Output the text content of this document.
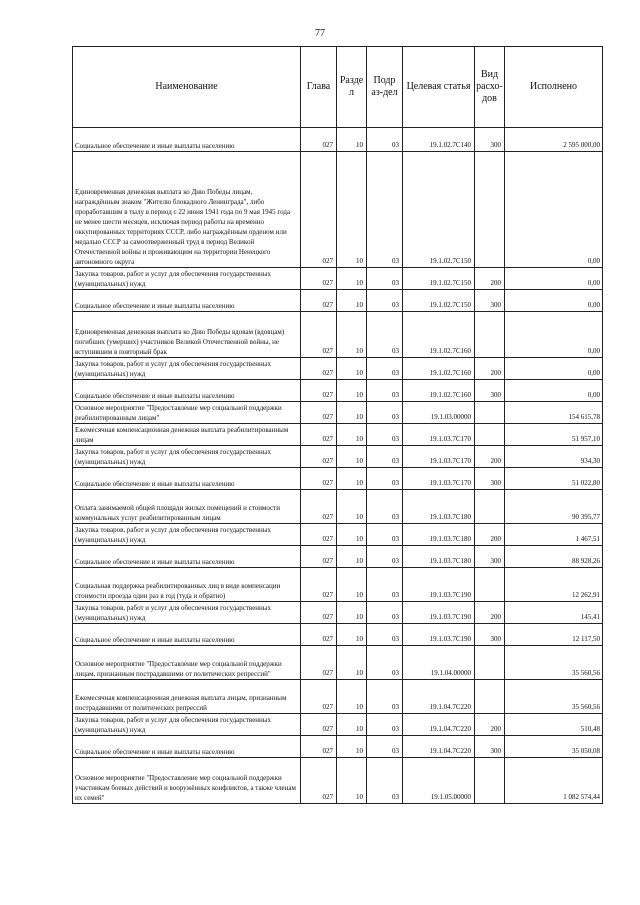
77
Наименование	Глава	Разде л	Подр аз-дел	Целевая статья	Вид расхо- дов	Исполнено
Социальное обеспечение и иные выплаты населению	027	10	03	19.1.02.7С140	300	2 595 000,00
Единовременная денежная выплата ко Дню Победы лицам, награждённым знаком "Жителю блокадного Ленинграда", либо проработавшим в тылу в период с 22 июня 1941 года по 9 мая 1945 года не менее шести месяцев, исключая период работы на временно оккупированных территориях СССР, либо награждённым орденом или медалью СССР за самоотверженный труд в период Великой Отечественной войны и проживающим на территории Ненецкого автономного округа	027	10	03	19.1.02.7С150		0,00
Закупка товаров, работ и услуг для обеспечения государственных (муниципальных) нужд	027	10	03	19.1.02.7С150	200	0,00
Социальное обеспечение и иные выплаты населению	027	10	03	19.1.02.7С150	300	0,00
Единовременная денежная выплата ко Дню Победы вдовам (вдовцам) погибших (умерших) участников Великой Отечественной войны, не вступившим в повторный брак	027	10	03	19.1.02.7С160		0,00
Закупка товаров, работ и услуг для обеспечения государственных (муниципальных) нужд	027	10	03	19.1.02.7С160	200	0,00
Социальное обеспечение и иные выплаты населению	027	10	03	19.1.02.7С160	300	0,00
Основное мероприятие "Предоставление мер социальной поддержки реабилитированным лицам"	027	10	03	19.1.03.00000		154 615,78
Ежемесячная компенсационная денежная выплата реабилитированным лицам	027	10	03	19.1.03.7С170		51 957,10
Закупка товаров, работ и услуг для обеспечения государственных (муниципальных) нужд	027	10	03	19.1.03.7С170	200	934,30
Социальное обеспечение и иные выплаты населению	027	10	03	19.1.03.7С170	300	51 022,80
Оплата занимаемой общей площади жилых помещений и стоимости коммунальных услуг реабилитированным лицам	027	10	03	19.1.03.7С180		90 395,77
Закупка товаров, работ и услуг для обеспечения государственных (муниципальных) нужд	027	10	03	19.1.03.7С180	200	1 467,51
Социальное обеспечение и иные выплаты населению	027	10	03	19.1.03.7С180	300	88 928,26
Социальная поддержка реабилитированных лиц в виде компенсации стоимости проезда один раз в год (туда и обратно)	027	10	03	19.1.03.7С190		12 262,91
Закупка товаров, работ и услуг для обеспечения государственных (муниципальных) нужд	027	10	03	19.1.03.7С190	200	145,41
Социальное обеспечение и иные выплаты населению	027	10	03	19.1.03.7С190	300	12 117,50
Основное мероприятие "Предоставление мер социальной поддержки лицам, признанным пострадавшими от политических репрессий"	027	10	03	19.1.04.00000		35 560,56
Ежемесячная компенсационная денежная выплата лицам, признанным пострадавшими от политических репрессий	027	10	03	19.1.04.7С220		35 560,56
Закупка товаров, работ и услуг для обеспечения государственных (муниципальных) нужд	027	10	03	19.1.04.7С220	200	510,48
Социальное обеспечение и иные выплаты населению	027	10	03	19.1.04.7С220	300	35 050,08
Основное мероприятие "Предоставление мер социальной поддержки участникам боевых действий и вооружённых конфликтов, а также членам их семей"	027	10	03	19.1.05.00000		1 082 574,44
